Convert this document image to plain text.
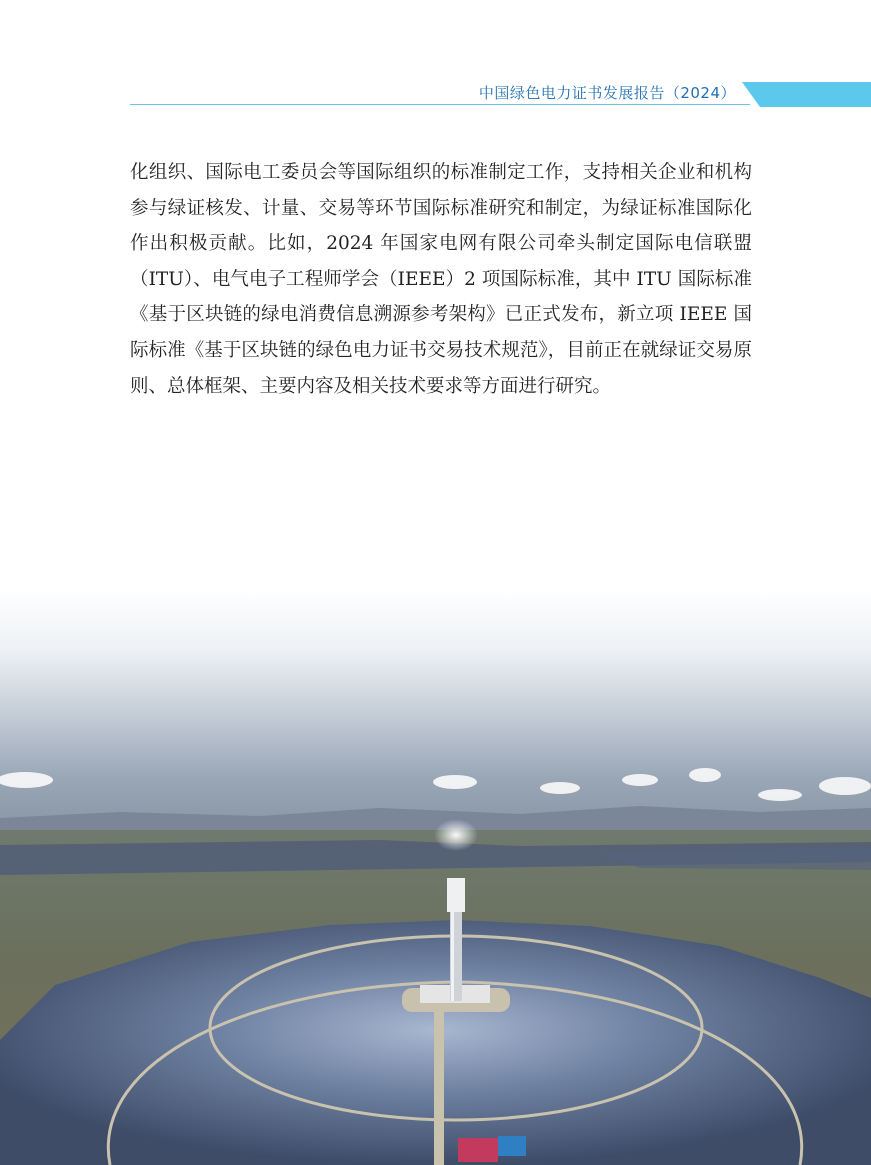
中国绿色电力证书发展报告（2024）

化组织、国际电工委员会等国际组织的标准制定工作，支持相关企业和机构参与绿证核发、计量、交易等环节国际标准研究和制定，为绿证标准国际化作出积极贡献。比如，2024 年国家电网有限公司牵头制定国际电信联盟（ITU）、电气电子工程师学会（IEEE）2 项国际标准，其中 ITU 国际标准《基于区块链的绿电消费信息溯源参考架构》已正式发布，新立项 IEEE 国际标准《基于区块链的绿色电力证书交易技术规范》，目前正在就绿证交易原则、总体框架、主要内容及相关技术要求等方面进行研究。
